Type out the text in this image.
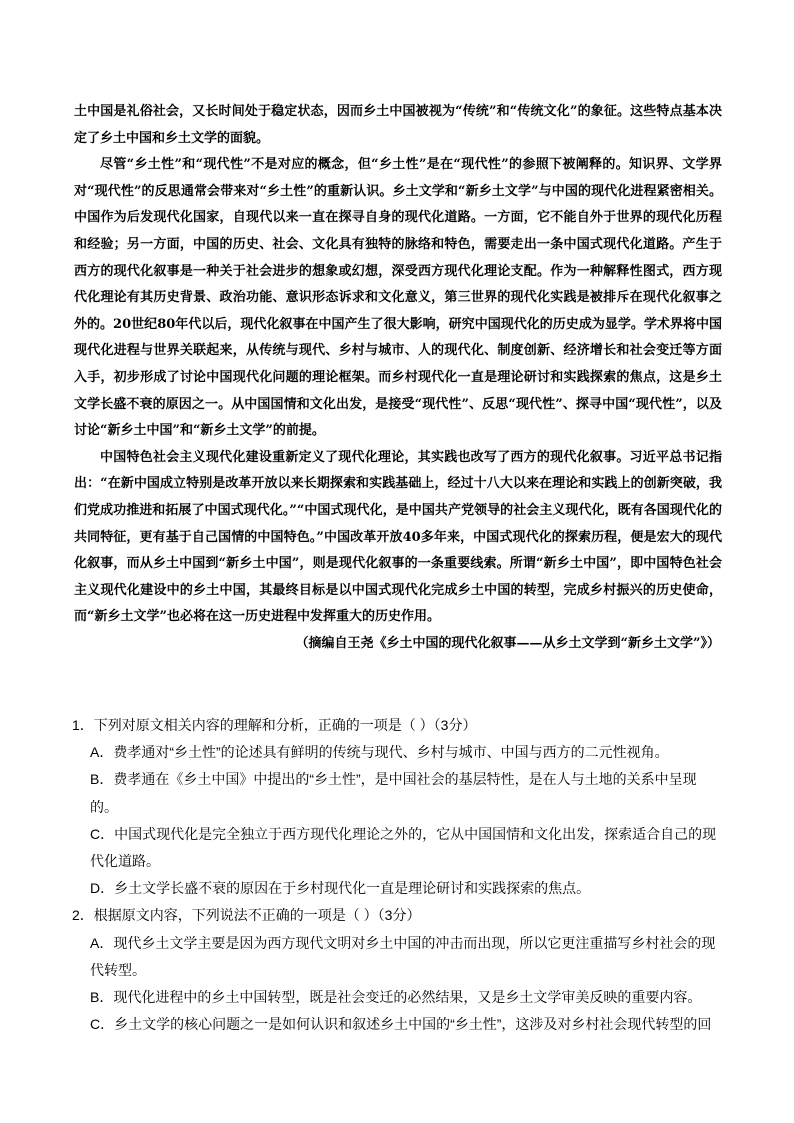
土中国是礼俗社会，又长时间处于稳定状态，因而乡土中国被视为“传统”和“传统文化”的象征。这些特点基本决定了乡土中国和乡土文学的面貌。

尽管“乡土性”和“现代性”不是对应的概念，但“乡土性”是在“现代性”的参照下被阐释的。知识界、文学界对“现代性”的反思通常会带来对“乡土性”的重新认识。乡土文学和“新乡土文学”与中国的现代化进程紧密相关。中国作为后发现代化国家，自现代以来一直在探寻自身的现代化道路。一方面，它不能自外于世界的现代化历程和经验；另一方面，中国的历史、社会、文化具有独特的脉络和特色，需要走出一条中国式现代化道路。产生于西方的现代化叙事是一种关于社会进步的想象或幻想，深受西方现代化理论支配。作为一种解释性图式，西方现代化理论有其历史背景、政治功能、意识形态诉求和文化意义，第三世界的现代化实践是被排斥在现代化叙事之外的。20世纪80年代以后，现代化叙事在中国产生了很大影响，研究中国现代化的历史成为显学。学术界将中国现代化进程与世界关联起来，从传统与现代、乡村与城市、人的现代化、制度创新、经济增长和社会变迁等方面入手，初步形成了讨论中国现代化问题的理论框架。而乡村现代化一直是理论研讨和实践探索的焦点，这是乡土文学长盛不衰的原因之一。从中国国情和文化出发，是接受“现代性”、反思“现代性”、探寻中国“现代性”，以及讨论“新乡土中国”和“新乡土文学”的前提。

中国特色社会主义现代化建设重新定义了现代化理论，其实践也改写了西方的现代化叙事。习近平总书记指出：“在新中国成立特别是改革开放以来长期探索和实践基础上，经过十八大以来在理论和实践上的创新突破，我们党成功推进和拓展了中国式现代化。”“中国式现代化，是中国共产党领导的社会主义现代化，既有各国现代化的共同特征，更有基于自己国情的中国特色。”中国改革开放40多年来，中国式现代化的探索历程，便是宏大的现代化叙事，而从乡土中国到“新乡土中国”，则是现代化叙事的一条重要线索。所谓“新乡土中国”，即中国特色社会主义现代化建设中的乡土中国，其最终目标是以中国式现代化完成乡土中国的转型，完成乡村振兴的历史使命，而“新乡土文学”也必将在这一历史进程中发挥重大的历史作用。

（摘编自王尧《乡土中国的现代化叙事——从乡土文学到“新乡土文学”》）

1．下列对原文相关内容的理解和分析，正确的一项是（ ）（3分）

A．费孝通对“乡土性”的论述具有鲜明的传统与现代、乡村与城市、中国与西方的二元性视角。

B．费孝通在《乡土中国》中提出的“乡土性”，是中国社会的基层特性，是在人与土地的关系中呈现的。

C．中国式现代化是完全独立于西方现代化理论之外的，它从中国国情和文化出发，探索适合自己的现代化道路。

D．乡土文学长盛不衰的原因在于乡村现代化一直是理论研讨和实践探索的焦点。

2．根据原文内容，下列说法不正确的一项是（ ）（3分）

A．现代乡土文学主要是因为西方现代文明对乡土中国的冲击而出现，所以它更注重描写乡村社会的现代转型。

B．现代化进程中的乡土中国转型，既是社会变迁的必然结果，又是乡土文学审美反映的重要内容。

C．乡土文学的核心问题之一是如何认识和叙述乡土中国的“乡土性”，这涉及对乡村社会现代转型的回
